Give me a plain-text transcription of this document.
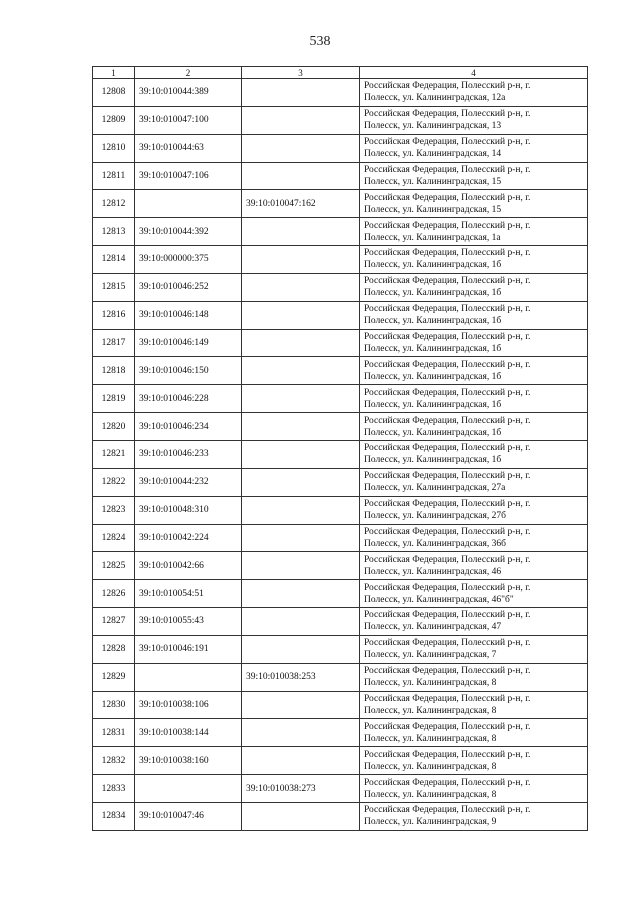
538
1	2	3	4
12808	39:10:010044:389		Российская Федерация, Полесский р-н, г.
Полесск, ул. Калининградская, 12а

12809	39:10:010047:100		Российская Федерация, Полесский р-н, г.
Полесск, ул. Калининградская, 13

12810	39:10:010044:63		Российская Федерация, Полесский р-н, г.
Полесск, ул. Калининградская, 14

12811	39:10:010047:106		Российская Федерация, Полесский р-н, г.
Полесск, ул. Калининградская, 15

12812		39:10:010047:162	Российская Федерация, Полесский р-н, г.
Полесск, ул. Калининградская, 15

12813	39:10:010044:392		Российская Федерация, Полесский р-н, г.
Полесск, ул. Калининградская, 1а

12814	39:10:000000:375		Российская Федерация, Полесский р-н, г.
Полесск, ул. Калининградская, 1б

12815	39:10:010046:252		Российская Федерация, Полесский р-н, г.
Полесск, ул. Калининградская, 1б

12816	39:10:010046:148		Российская Федерация, Полесский р-н, г.
Полесск, ул. Калининградская, 1б

12817	39:10:010046:149		Российская Федерация, Полесский р-н, г.
Полесск, ул. Калининградская, 1б

12818	39:10:010046:150		Российская Федерация, Полесский р-н, г.
Полесск, ул. Калининградская, 1б

12819	39:10:010046:228		Российская Федерация, Полесский р-н, г.
Полесск, ул. Калининградская, 1б

12820	39:10:010046:234		Российская Федерация, Полесский р-н, г.
Полесск, ул. Калининградская, 1б

12821	39:10:010046:233		Российская Федерация, Полесский р-н, г.
Полесск, ул. Калининградская, 1б

12822	39:10:010044:232		Российская Федерация, Полесский р-н, г.
Полесск, ул. Калининградская, 27а

12823	39:10:010048:310		Российская Федерация, Полесский р-н, г.
Полесск, ул. Калининградская, 27б

12824	39:10:010042:224		Российская Федерация, Полесский р-н, г.
Полесск, ул. Калининградская, 36б

12825	39:10:010042:66		Российская Федерация, Полесский р-н, г.
Полесск, ул. Калининградская, 46

12826	39:10:010054:51		Российская Федерация, Полесский р-н, г.
Полесск, ул. Калининградская, 46"б"

12827	39:10:010055:43		Российская Федерация, Полесский р-н, г.
Полесск, ул. Калининградская, 47

12828	39:10:010046:191		Российская Федерация, Полесский р-н, г.
Полесск, ул. Калининградская, 7

12829		39:10:010038:253	Российская Федерация, Полесский р-н, г.
Полесск, ул. Калининградская, 8

12830	39:10:010038:106		Российская Федерация, Полесский р-н, г.
Полесск, ул. Калининградская, 8

12831	39:10:010038:144		Российская Федерация, Полесский р-н, г.
Полесск, ул. Калининградская, 8

12832	39:10:010038:160		Российская Федерация, Полесский р-н, г.
Полесск, ул. Калининградская, 8

12833		39:10:010038:273	Российская Федерация, Полесский р-н, г.
Полесск, ул. Калининградская, 8

12834	39:10:010047:46		Российская Федерация, Полесский р-н, г.
Полесск, ул. Калининградская, 9
